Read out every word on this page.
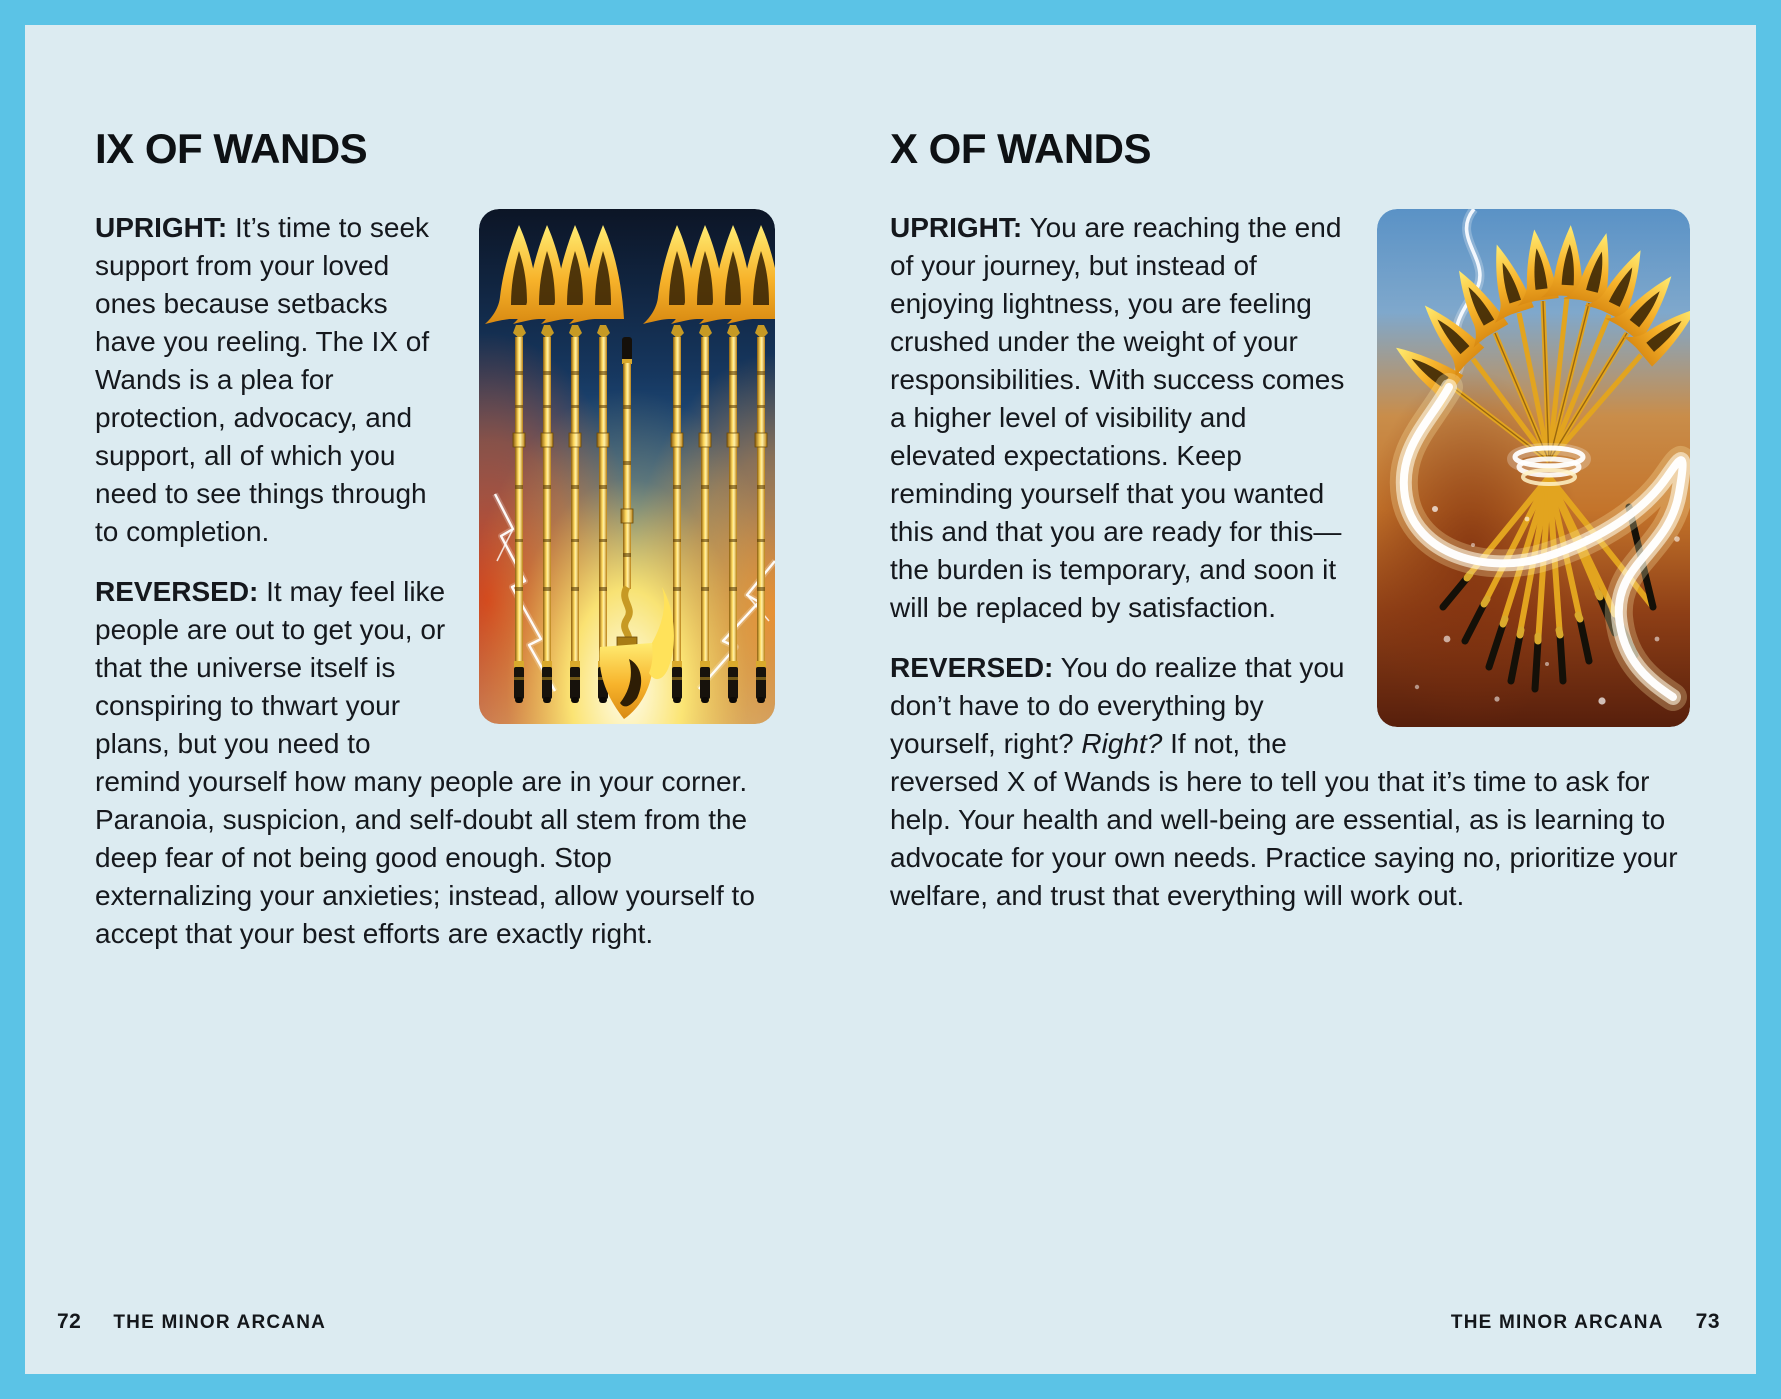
IX OF WANDS

UPRIGHT: It’s time to seek support from your loved ones because setbacks have you reeling. The IX of Wands is a plea for protection, advocacy, and support, all of which you need to see things through to completion.

REVERSED: It may feel like people are out to get you, or that the universe itself is conspiring to thwart your plans, but you need to remind yourself how many people are in your corner. Paranoia, suspicion, and self-doubt all stem from the deep fear of not being good enough. Stop externalizing your anxieties; instead, allow yourself to accept that your best efforts are exactly right.

X OF WANDS

UPRIGHT: You are reaching the end of your journey, but instead of enjoying lightness, you are feeling crushed under the weight of your responsibilities. With success comes a higher level of visibility and elevated expectations. Keep reminding yourself that you wanted this and that you are ready for this—the burden is temporary, and soon it will be replaced by satisfaction.

REVERSED: You do realize that you don’t have to do everything by yourself, right? Right? If not, the reversed X of Wands is here to tell you that it’s time to ask for help. Your health and well-being are essential, as is learning to advocate for your own needs. Practice saying no, prioritize your welfare, and trust that everything will work out.

72 THE MINOR ARCANA	THE MINOR ARCANA 73
